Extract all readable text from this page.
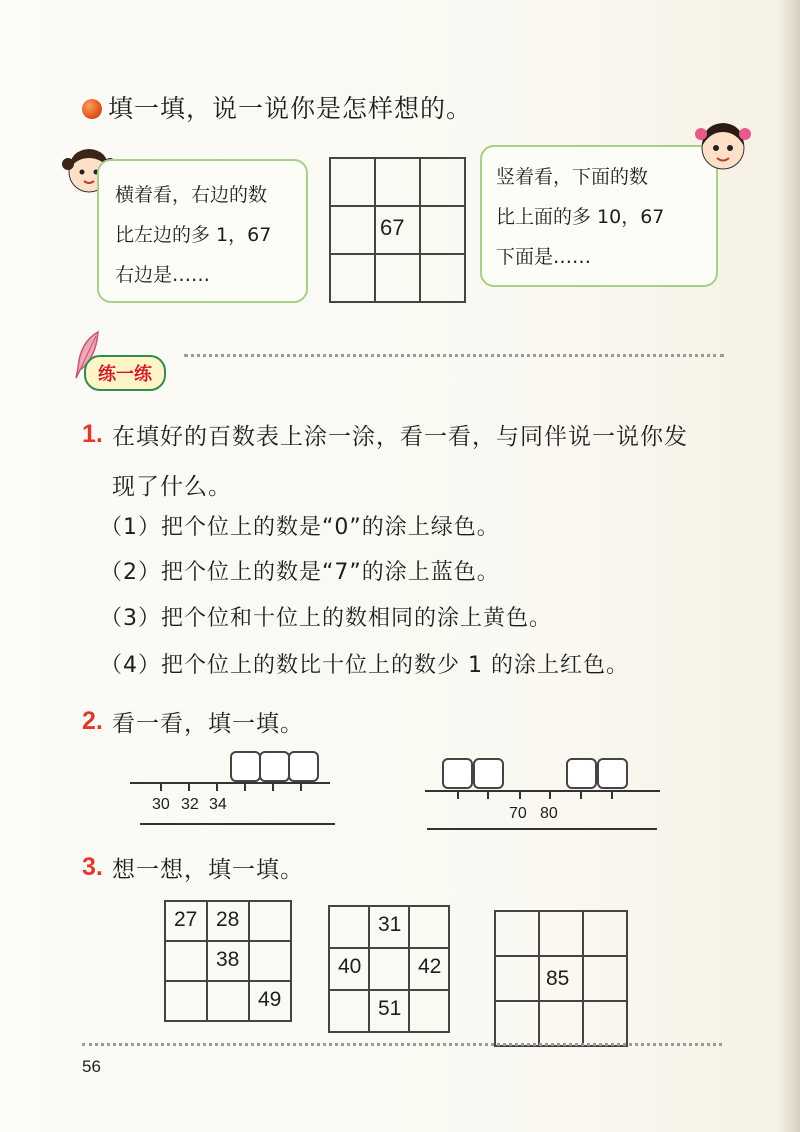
填一填，说一说你是怎样想的。
横着看，右边的数
比左边的多 1，67
右边是……

	67	

竖着看，下面的数
比上面的多 10，67
下面是……
练一练
1. 在填好的百数表上涂一涂，看一看，与同伴说一说你发
现了什么。
（1）把个位上的数是“0”的涂上绿色。
（2）把个位上的数是“7”的涂上蓝色。
（3）把个位和十位上的数相同的涂上黄色。
（4）把个位上的数比十位上的数少 1 的涂上红色。
2. 看一看，填一填。
30 32 34
70 80
3. 想一想，填一填。
27	28	

	38	

		49

	31	

40		42

	51	

	85	

56
